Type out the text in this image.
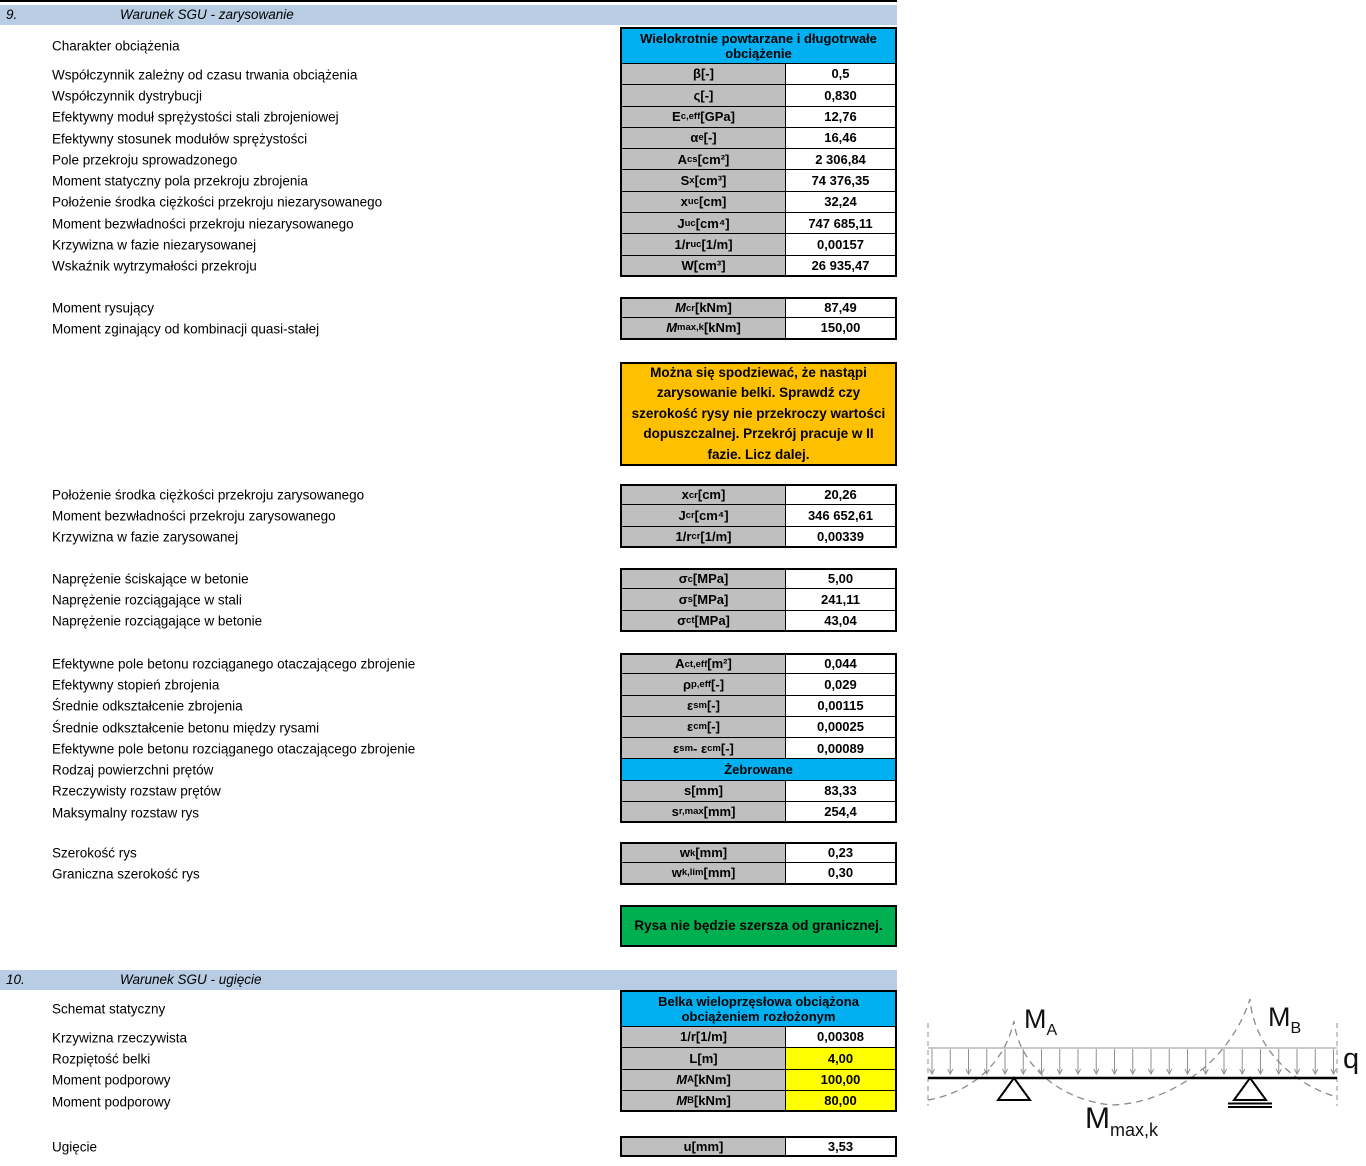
9.	Warunek SGU - zarysowanie
Charakter obciążenia	Wielokrotnie powtarzane i długotrwałe obciążenie
Współczynnik zależny od czasu trwania obciążenia	β [-]	0,5
Współczynnik dystrybucji	ς [-]	0,830
Efektywny moduł sprężystości stali zbrojeniowej	E c,eff [GPa]	12,76
Efektywny stosunek modułów sprężystości	α e [-]	16,46
Pole przekroju sprowadzonego	A cs [cm²]	2 306,84
Moment statyczny pola przekroju zbrojenia	S x [cm³]	74 376,35
Położenie środka ciężkości przekroju niezarysowanego	x uc [cm]	32,24
Moment bezwładności przekroju niezarysowanego	J uc [cm⁴]	747 685,11
Krzywizna w fazie niezarysowanej	1/r uc [1/m]	0,00157
Wskaźnik wytrzymałości przekroju	W [cm³]	26 935,47
Moment rysujący	M cr [kNm]	87,49
Moment zginający od kombinacji quasi-stałej	M max,k [kNm]	150,00
Można się spodziewać, że nastąpi zarysowanie belki. Sprawdź czy szerokość rysy nie przekroczy wartości dopuszczalnej. Przekrój pracuje w II fazie. Licz dalej.
Położenie środka ciężkości przekroju zarysowanego	x cr [cm]	20,26
Moment bezwładności przekroju zarysowanego	J cr [cm⁴]	346 652,61
Krzywizna w fazie zarysowanej	1/r cr [1/m]	0,00339
Naprężenie ściskające w betonie	σ c [MPa]	5,00
Naprężenie rozciągające w stali	σ s [MPa]	241,11
Naprężenie rozciągające w betonie	σ ct [MPa]	43,04
Efektywne pole betonu rozciąganego otaczającego zbrojenie	A ct,eff [m²]	0,044
Efektywny stopień zbrojenia	ρ p,eff [-]	0,029
Średnie odkształcenie zbrojenia	ε sm [-]	0,00115
Średnie odkształcenie betonu między rysami	ε cm [-]	0,00025
Efektywne pole betonu rozciąganego otaczającego zbrojenie	ε sm - ε cm [-]	0,00089
Rodzaj powierzchni prętów	Żebrowane
Rzeczywisty rozstaw prętów	s [mm]	83,33
Maksymalny rozstaw rys	s r,max [mm]	254,4
Szerokość rys	w k [mm]	0,23
Graniczna szerokość rys	w k,lim [mm]	0,30
Rysa nie będzie szersza od granicznej.
10.	Warunek SGU - ugięcie
Schemat statyczny	Belka wieloprzęsłowa obciążona obciążeniem rozłożonym
Krzywizna rzeczywista	1/r [1/m]	0,00308
Rozpiętość belki	L [m]	4,00
Moment podporowy	M A [kNm]	100,00
Moment podporowy	M B [kNm]	80,00
Ugięcie	u [mm]	3,53
$M_A$	$M_B$
q
$M_{max,k}$
